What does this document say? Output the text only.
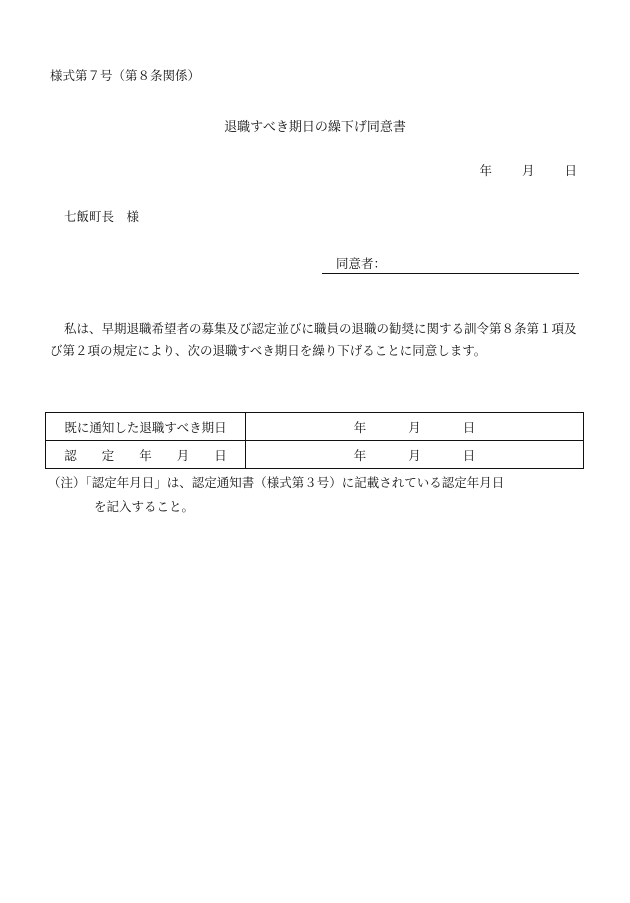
様式第７号（第８条関係）
退職すべき期日の繰下げ同意書
年 月 日
七飯町長　様
同意者：
私は、早期退職希望者の募集及び認定並びに職員の退職の勧奨に関する訓令第８条第１項及び第２項の規定により、次の退職すべき期日を繰り下げることに同意します。
既に通知した退職すべき期日	年 月 日
認　　定　　年　　月　　日	年 月 日
（注）「認定年月日」は、認定通知書（様式第３号）に記載されている認定年月日
を記入すること。
